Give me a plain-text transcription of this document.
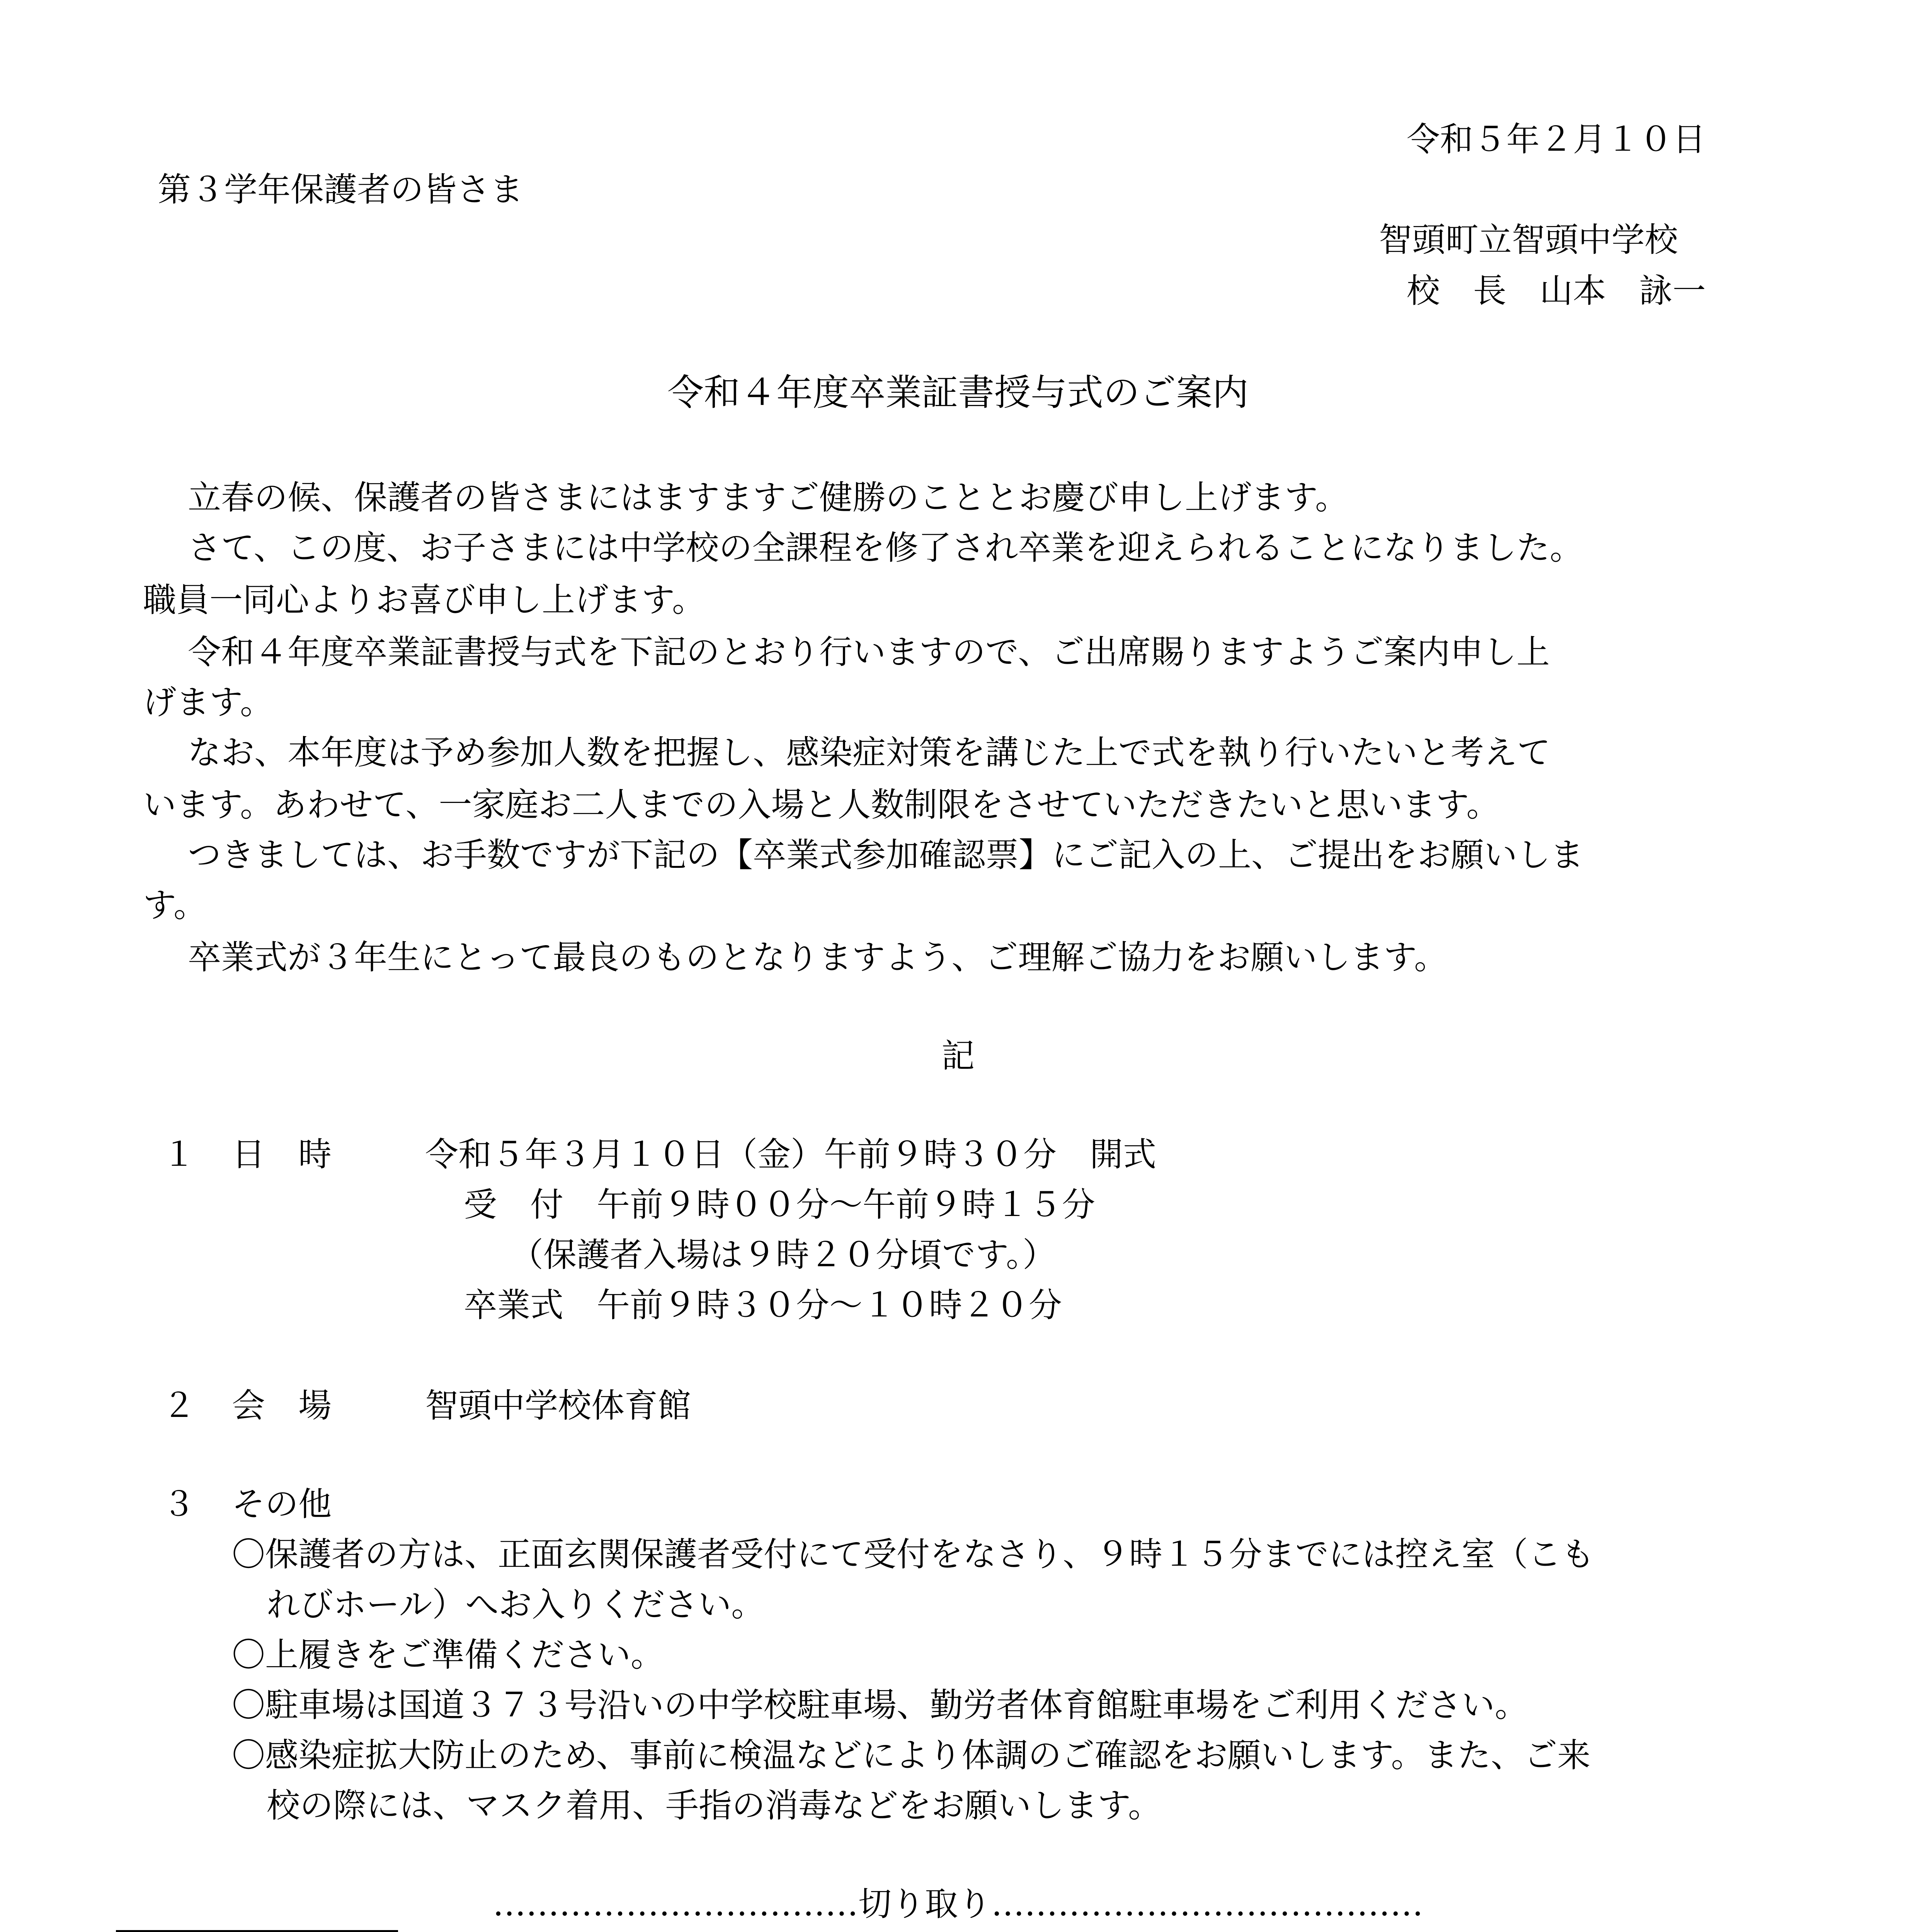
令和５年２月１０日
第３学年保護者の皆さま
智頭町立智頭中学校
校　長　山本　詠一
令和４年度卒業証書授与式のご案内
　立春の候、保護者の皆さまにはますますご健勝のこととお慶び申し上げます。
　さて、この度、お子さまには中学校の全課程を修了され卒業を迎えられることになりました。
職員一同心よりお喜び申し上げます。
　令和４年度卒業証書授与式を下記のとおり行いますので、ご出席賜りますようご案内申し上
げます。
　なお、本年度は予め参加人数を把握し、感染症対策を講じた上で式を執り行いたいと考えて
います。あわせて、一家庭お二人までの入場と人数制限をさせていただきたいと思います。
　つきましては、お手数ですが下記の【卒業式参加確認票】にご記入の上、ご提出をお願いしま
す。
　卒業式が３年生にとって最良のものとなりますよう、ご理解ご協力をお願いします。
記
１ 日　時	令和５年３月１０日（金）午前９時３０分　開式
受　付　午前９時００分～午前９時１５分
（保護者入場は９時２０分頃です。）
卒業式　午前９時３０分～１０時２０分
２ 会　場	智頭中学校体育館
３ その他
〇保護者の方は、正面玄関保護者受付にて受付をなさり、９時１５分までには控え室（こも
れびホール）へお入りください。
〇上履きをご準備ください。
〇駐車場は国道３７３号沿いの中学校駐車場、勤労者体育館駐車場をご利用ください。
〇感染症拡大防止のため、事前に検温などにより体調のご確認をお願いします。また、ご来
校の際には、マスク着用、手指の消毒などをお願いします。
……………………………切り取り…………………………………
